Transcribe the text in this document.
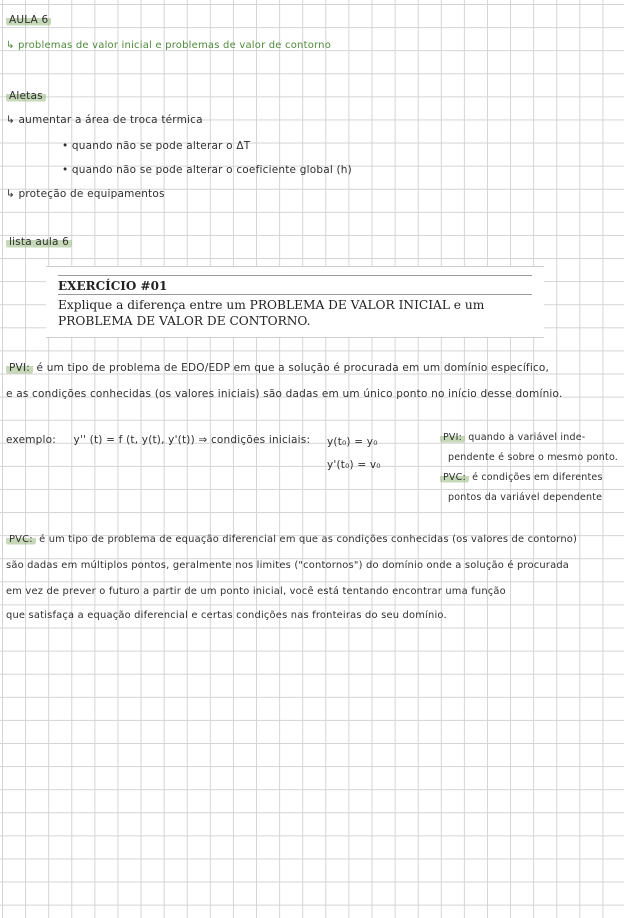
AULA 6
↳ problemas de valor inicial e problemas de valor de contorno
Aletas
↳ aumentar a área de troca térmica
• quando não se pode alterar o ΔT
• quando não se pode alterar o coeficiente global (h)
↳ proteção de equipamentos
lista aula 6
EXERCÍCIO #01
Explique a diferença entre um PROBLEMA DE VALOR INICIAL e um
PROBLEMA DE VALOR DE CONTORNO.
PVI: é um tipo de problema de EDO/EDP em que a solução é procurada em um domínio específico,
e as condições conhecidas (os valores iniciais) são dadas em um único ponto no início desse domínio.
exemplo: y'' (t) = f (t, y(t), y'(t)) ⇒ condições iniciais: y(t₀) = y₀
y'(t₀) = v₀
PVI: quando a variável inde-
pendente é sobre o mesmo ponto.
PVC: é condições em diferentes
pontos da variável dependente
PVC: é um tipo de problema de equação diferencial em que as condições conhecidas (os valores de contorno)
são dadas em múltiplos pontos, geralmente nos limites ("contornos") do domínio onde a solução é procurada
em vez de prever o futuro a partir de um ponto inicial, você está tentando encontrar uma função
que satisfaça a equação diferencial e certas condições nas fronteiras do seu domínio.
